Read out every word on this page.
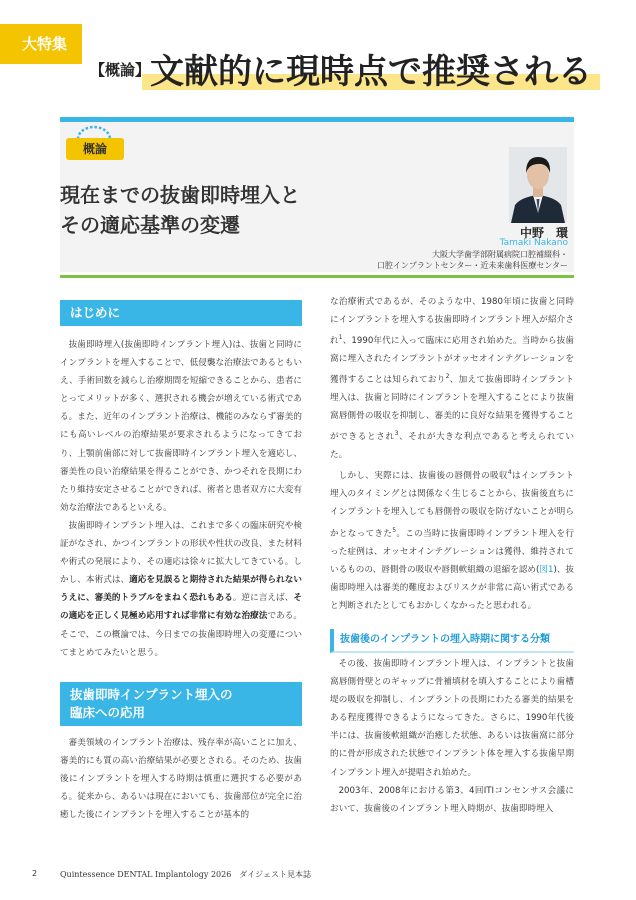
大特集
【概論】文献的に現時点で推奨される
概論
現在までの抜歯即時埋入と
その適応基準の変遷	中野　環
Tamaki Nakano
大阪大学歯学部附属病院口腔補綴科・
口腔インプラントセンター・近未来歯科医療センター
はじめに

抜歯即時埋入(抜歯即時インプラント埋入)は、抜歯と同時にインプラントを埋入することで、低侵襲な治療法であるともいえ、手術回数を減らし治療期間を短縮できることから、患者にとってメリットが多く、選択される機会が増えている術式である。また、近年のインプラント治療は、機能のみならず審美的にも高いレベルの治療結果が要求されるようになってきており、上顎前歯部に対して抜歯即時インプラント埋入を適応し、審美性の良い治療結果を得ることができ、かつそれを長期にわたり維持安定させることができれば、術者と患者双方に大変有効な治療法であるといえる。

抜歯即時インプラント埋入は、これまで多くの臨床研究や検証がなされ、かつインプラントの形状や性状の改良、また材料や術式の発展により、その適応は徐々に拡大してきている。しかし、本術式は、適応を見誤ると期待された結果が得られないうえに、審美的トラブルをまねく恐れもある。逆に言えば、その適応を正しく見極め応用すれば非常に有効な治療法である。そこで、この概論では、今日までの抜歯即時埋入の変遷についてまとめてみたいと思う。

抜歯即時インプラント埋入の
臨床への応用

審美領域のインプラント治療は、残存率が高いことに加え、審美的にも質の高い治療結果が必要とされる。そのため、抜歯後にインプラントを埋入する時期は慎重に選択する必要がある。従来から、あるいは現在においても、抜歯部位が完全に治癒した後にインプラントを埋入することが基本的

な治療術式であるが、そのような中、1980年頃に抜歯と同時にインプラントを埋入する抜歯即時インプラント埋入が紹介され$^1$、1990年代に入って臨床に応用され始めた。当時から抜歯窩に埋入されたインプラントがオッセオインテグレーションを獲得することは知られており$^2$、加えて抜歯即時インプラント埋入は、抜歯と同時にインプラントを埋入することにより抜歯窩唇側骨の吸収を抑制し、審美的に良好な結果を獲得することができるとされ$^3$、それが大きな利点であると考えられていた。

しかし、実際には、抜歯後の唇側骨の吸収$^4$はインプラント埋入のタイミングとは関係なく生じることから、抜歯後直ちにインプラントを埋入しても唇側骨の吸収を防げないことが明らかとなってきた$^5$。この当時に抜歯即時インプラント埋入を行った症例は、オッセオインテグレーションは獲得、維持されているものの、唇側骨の吸収や唇側軟組織の退縮を認め(図1)、抜歯即時埋入は審美的難度およびリスクが非常に高い術式であると判断されたとしてもおかしくなかったと思われる。

抜歯後のインプラントの埋入時期に関する分類

その後、抜歯即時インプラント埋入は、インプラントと抜歯窩唇側骨壁とのギャップに骨補填材を填入することにより歯槽堤の吸収を抑制し、インプラントの長期にわたる審美的結果をある程度獲得できるようになってきた。さらに、1990年代後半には、抜歯後軟組織が治癒した状態、あるいは抜歯窩に部分的に骨が形成された状態でインプラント体を埋入する抜歯早期インプラント埋入が提唱され始めた。

2003年、2008年における第3、4回ITIコンセンサス会議において、抜歯後のインプラント埋入時期が、抜歯即時埋入

2	Quintessence DENTAL Implantology 2026　ダイジェスト見本誌
